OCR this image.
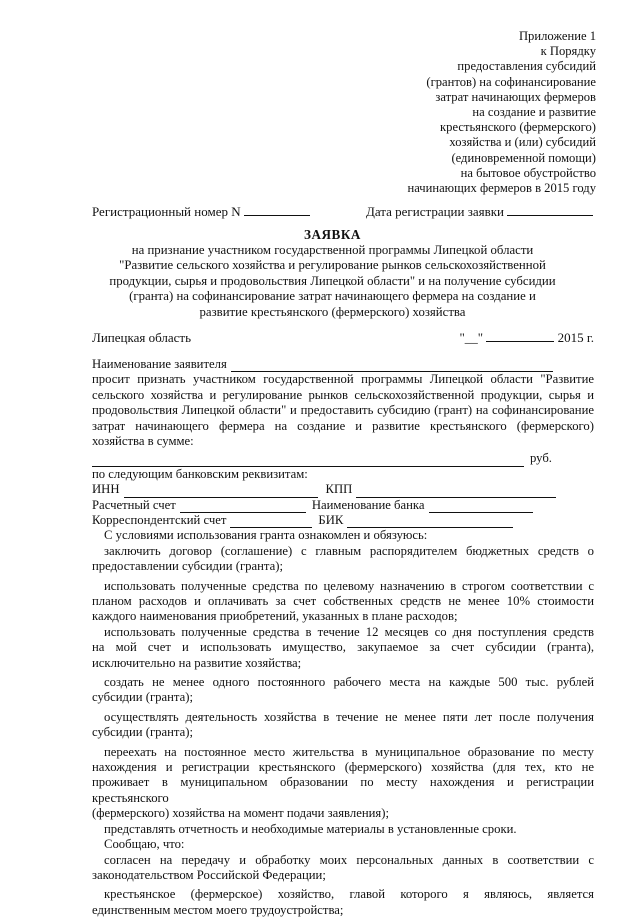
Приложение 1
к Порядку
предоставления субсидий
(грантов) на софинансирование
затрат начинающих фермеров
на создание и развитие
крестьянского (фермерского)
хозяйства и (или) субсидий
(единовременной помощи)
на бытовое обустройство
начинающих фермеров в 2015 году
Регистрационный номер N	Дата регистрации заявки
ЗАЯВКА
на признание участником государственной программы Липецкой области
"Развитие сельского хозяйства и регулирование рынков сельскохозяйственной
продукции, сырья и продовольствия Липецкой области" и на получение субсидии
(гранта) на софинансирование затрат начинающего фермера на создание и
развитие крестьянского (фермерского) хозяйства
Липецкая область	"__"	2015 г.
Наименование заявителя
просит признать участником государственной программы Липецкой области "Развитие
сельского хозяйства и регулирование рынков сельскохозяйственной продукции, сырья и
продовольствия Липецкой области" и предоставить субсидию (грант) на софинансирование
затрат начинающего фермера на создание и развитие крестьянского (фермерского)
хозяйства в сумме:
руб.
по следующим банковским реквизитам:
ИНН	КПП
Расчетный счет	Наименование банка
Корреспондентский счет	БИК
С условиями использования гранта ознакомлен и обязуюсь:
заключить договор (соглашение) с главным распорядителем бюджетных средств о
предоставлении субсидии (гранта);
использовать полученные средства по целевому назначению в строгом соответствии с
планом расходов и оплачивать за счет собственных средств не менее 10% стоимости
каждого наименования приобретений, указанных в плане расходов;
использовать полученные средства в течение 12 месяцев со дня поступления средств
на мой счет и использовать имущество, закупаемое за счет субсидии (гранта),
исключительно на развитие хозяйства;
создать не менее одного постоянного рабочего места на каждые 500 тыс. рублей
субсидии (гранта);
осуществлять деятельность хозяйства в течение не менее пяти лет после получения
субсидии (гранта);
переехать на постоянное место жительства в муниципальное образование по месту
нахождения и регистрации крестьянского (фермерского) хозяйства (для тех, кто не
проживает в муниципальном образовании по месту нахождения и регистрации крестьянского
(фермерского) хозяйства на момент подачи заявления);
представлять отчетность и необходимые материалы в установленные сроки.
Сообщаю, что:
согласен на передачу и обработку моих персональных данных в соответствии с
законодательством Российской Федерации;
крестьянское (фермерское) хозяйство, главой которого я являюсь, является
единственным местом моего трудоустройства;
